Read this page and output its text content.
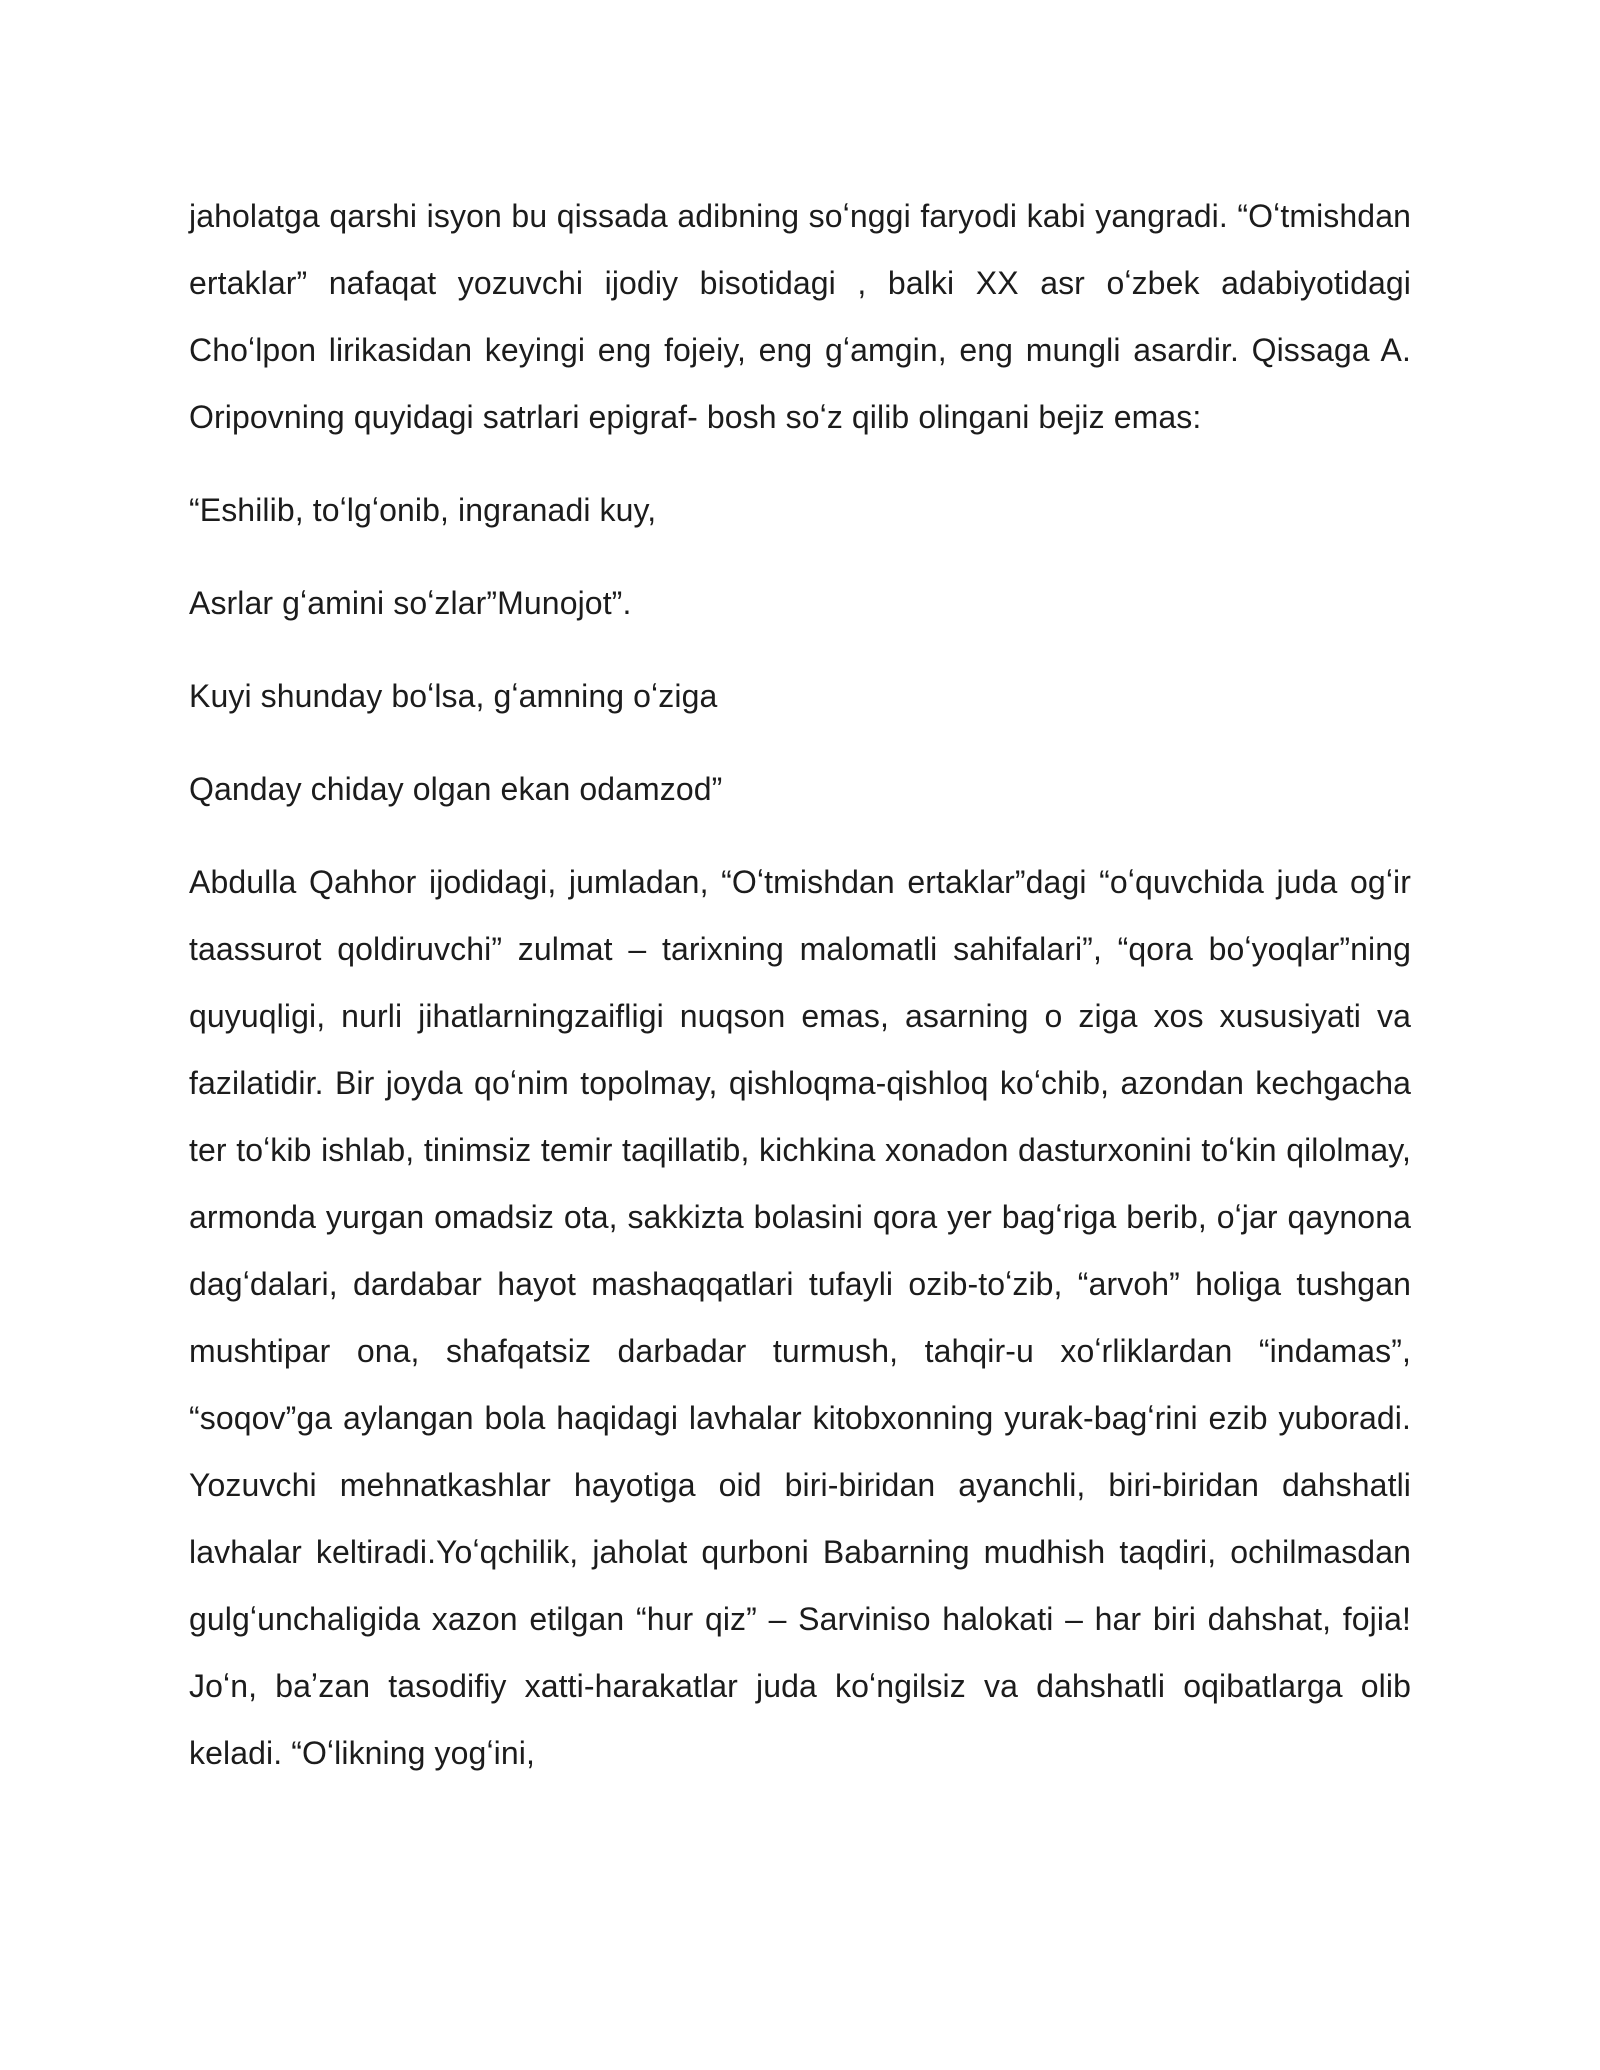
jaholatga qarshi isyon bu qissada adibning soʻnggi faryodi kabi yangradi. “Oʻtmishdan ertaklar” nafaqat yozuvchi ijodiy bisotidagi , balki XX asr oʻzbek adabiyotidagi Choʻlpon lirikasidan keyingi eng fojeiy, eng gʻamgin, eng mungli asardir. Qissaga A. Oripovning quyidagi satrlari epigraf- bosh soʻz qilib olingani bejiz emas:

“Eshilib, toʻlgʻonib, ingranadi kuy,

Asrlar gʻamini soʻzlar”Munojot”.

Kuyi shunday boʻlsa, gʻamning oʻziga

Qanday chiday olgan ekan odamzod”

Abdulla Qahhor ijodidagi, jumladan, “Oʻtmishdan ertaklar”dagi “oʻquvchida juda ogʻir taassurot qoldiruvchi” zulmat – tarixning malomatli sahifalari”, “qora boʻyoqlar”ning quyuqligi, nurli jihatlarningzaifligi nuqson emas, asarning o ziga xos xususiyati va fazilatidir. Bir joyda qoʻnim topolmay, qishloqma-qishloq koʻchib, azondan kechgacha ter toʻkib ishlab, tinimsiz temir taqillatib, kichkina xonadon dasturxonini toʻkin qilolmay, armonda yurgan omadsiz ota, sakkizta bolasini qora yer bagʻriga berib, oʻjar qaynona dagʻdalari, dardabar hayot mashaqqatlari tufayli ozib-toʻzib, “arvoh” holiga tushgan mushtipar ona, shafqatsiz darbadar turmush, tahqir-u xoʻrliklardan “indamas”, “soqov”ga aylangan bola haqidagi lavhalar kitobxonning yurak-bagʻrini ezib yuboradi. Yozuvchi mehnatkashlar hayotiga oid biri-biridan ayanchli, biri-biridan dahshatli lavhalar keltiradi.Yoʻqchilik, jaholat qurboni Babarning mudhish taqdiri, ochilmasdan gulgʻunchaligida xazon etilgan “hur qiz” – Sarviniso halokati – har biri dahshat, fojia! Joʻn, baʼzan tasodifiy xatti-harakatlar juda koʻngilsiz va dahshatli oqibatlarga olib keladi. “Oʻlikning yogʻini,
